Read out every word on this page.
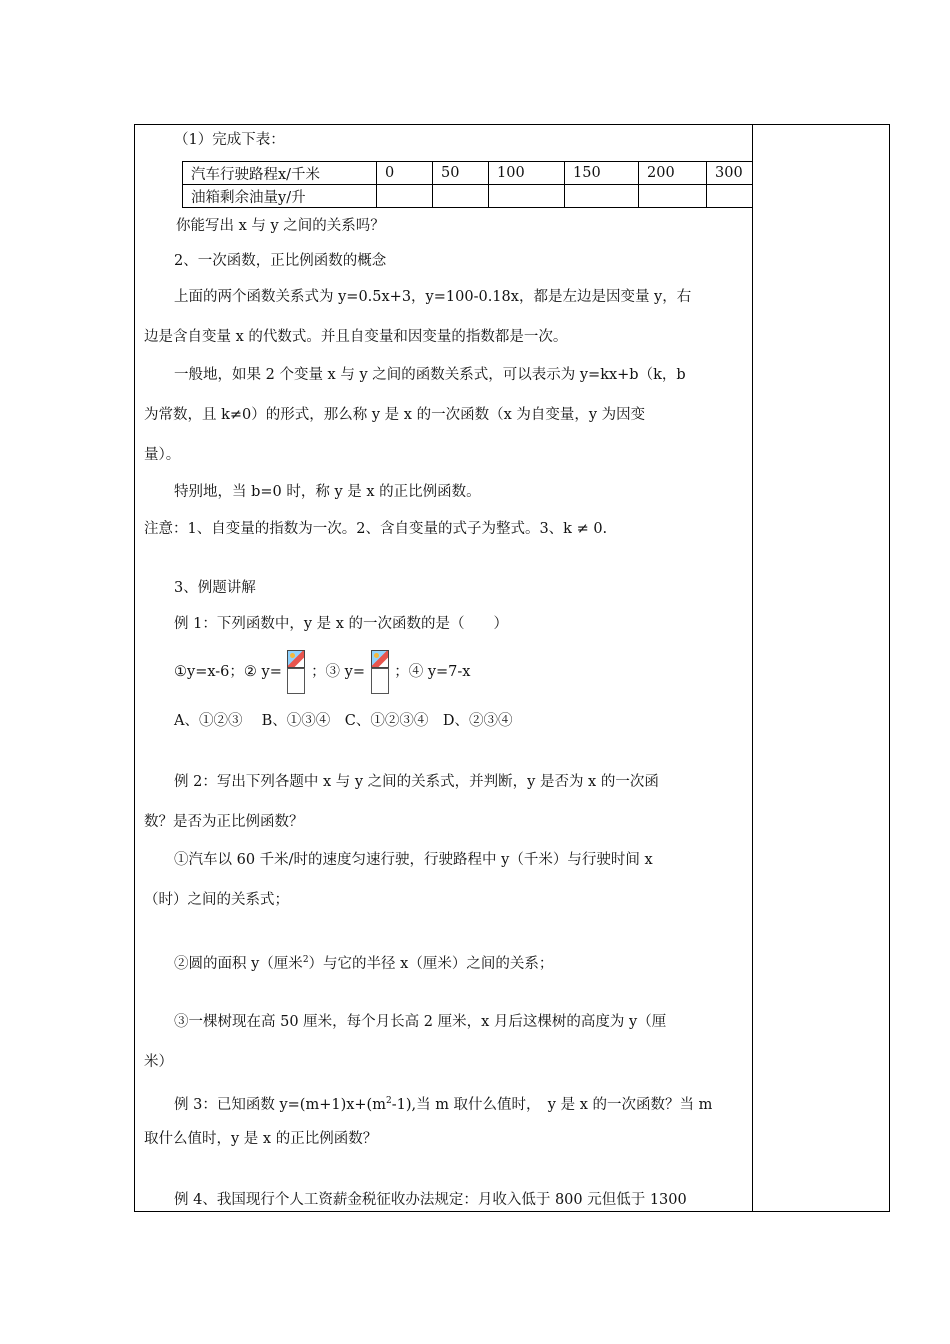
（1）完成下表：
汽车行驶路程x/千米	0	50	100	150	200	300
油箱剩余油量y/升						
你能写出 x 与 y 之间的关系吗？
2、一次函数，正比例函数的概念
上面的两个函数关系式为 y=0.5x+3，y=100-0.18x，都是左边是因变量 y，右
边是含自变量 x 的代数式。并且自变量和因变量的指数都是一次。
一般地，如果 2 个变量 x 与 y 之间的函数关系式，可以表示为 y=kx+b（k，b
为常数，且 k≠0）的形式，那么称 y 是 x 的一次函数（x 为自变量，y 为因变
量）。
特别地，当 b=0 时，称 y 是 x 的正比例函数。
注意：1、自变量的指数为一次。2、含自变量的式子为整式。3、k ≠ 0.
3、例题讲解
例 1：下列函数中，y 是 x 的一次函数的是（　　）
①y=x-6；② y= ；③ y= ；④ y=7-x
A、①②③　 B、①③④　C、①②③④　D、②③④
例 2：写出下列各题中 x 与 y 之间的关系式，并判断，y 是否为 x 的一次函
数？是否为正比例函数？
①汽车以 60 千米/时的速度匀速行驶，行驶路程中 y（千米）与行驶时间 x
（时）之间的关系式；
②圆的面积 y（厘米$^2$）与它的半径 x（厘米）之间的关系；
③一棵树现在高 50 厘米，每个月长高 2 厘米，x 月后这棵树的高度为 y（厘
米）
例 3：已知函数 $y=(m+1)x+(m^2-1)$,当 m 取什么值时，　y 是 x 的一次函数？当 m
取什么值时，y 是 x 的正比例函数？
例 4、我国现行个人工资薪金税征收办法规定：月收入低于 800 元但低于 1300
